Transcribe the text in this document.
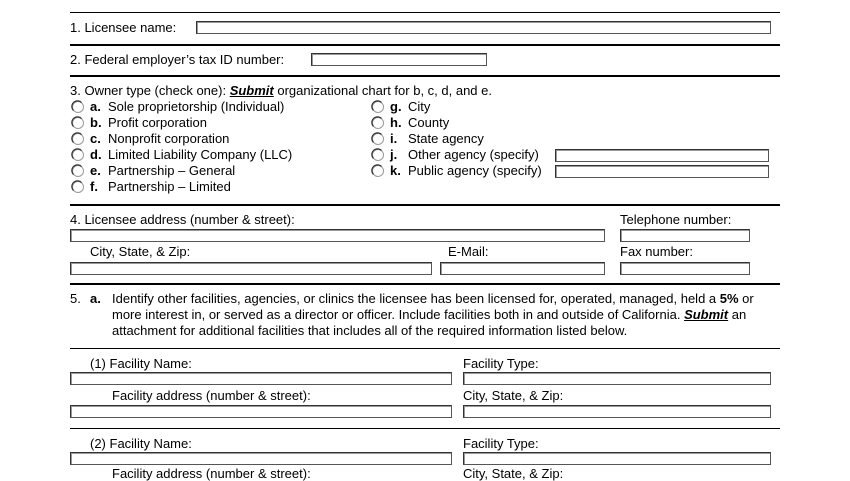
1. Licensee name:
2. Federal employer’s tax ID number:
3. Owner type (check one): Submit organizational chart for b, c, d, and e.
a. Sole proprietorship (Individual)
b. Profit corporation
c. Nonprofit corporation
d. Limited Liability Company (LLC)
e. Partnership – General
f. Partnership – Limited
g. City
h. County
i. State agency
j. Other agency (specify)
k. Public agency (specify)
4. Licensee address (number & street):	Telephone number:
City, State, & Zip:	E-Mail:	Fax number:
5. a. Identify other facilities, agencies, or clinics the licensee has been licensed for, operated, managed, held a 5% or
more interest in, or served as a director or officer. Include facilities both in and outside of California. Submit an
attachment for additional facilities that includes all of the required information listed below.
(1) Facility Name:	Facility Type:
Facility address (number & street):	City, State, & Zip:
(2) Facility Name:	Facility Type:
Facility address (number & street):	City, State, & Zip:
